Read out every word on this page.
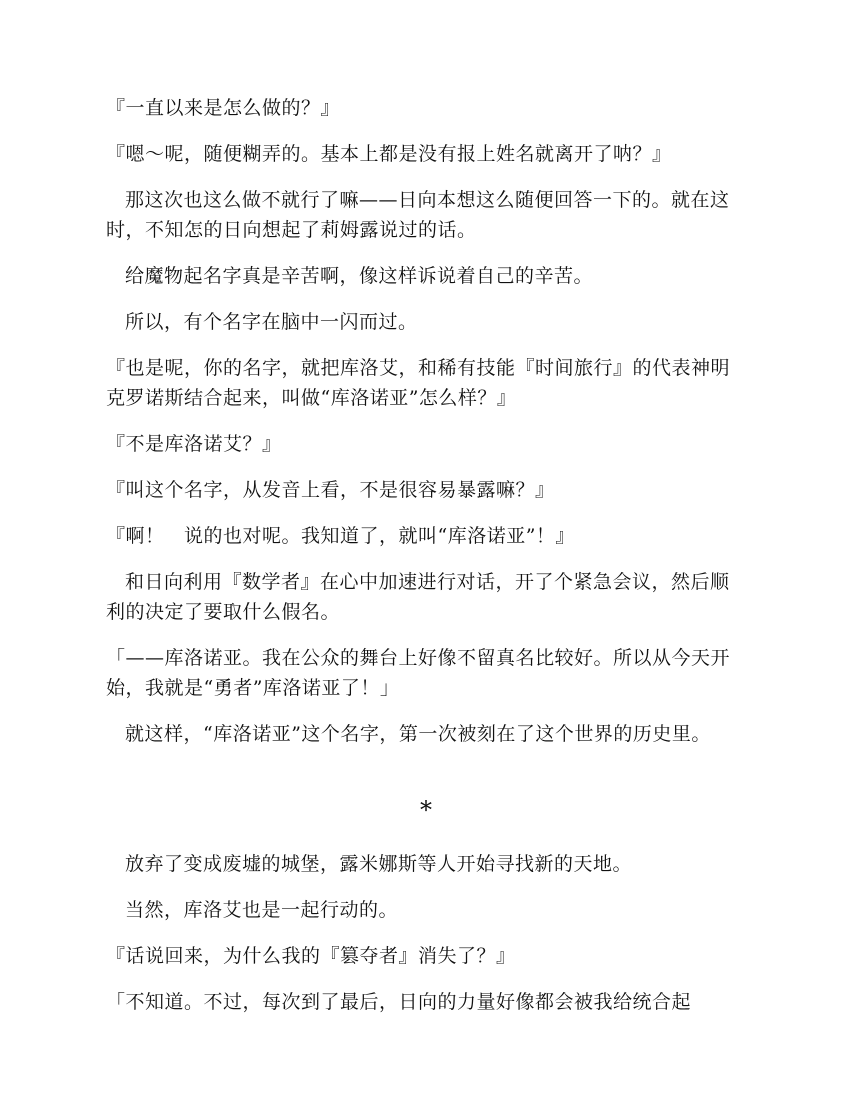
『一直以来是怎么做的？』

『嗯～呢，随便糊弄的。基本上都是没有报上姓名就离开了呐？』

那这次也这么做不就行了嘛——日向本想这么随便回答一下的。就在这时，不知怎的日向想起了莉姆露说过的话。

给魔物起名字真是辛苦啊，像这样诉说着自己的辛苦。

所以，有个名字在脑中一闪而过。

『也是呢，你的名字，就把库洛艾，和稀有技能『时间旅行』的代表神明克罗诺斯结合起来，叫做“库洛诺亚”怎么样？』

『不是库洛诺艾？』

『叫这个名字，从发音上看，不是很容易暴露嘛？』

『啊！　说的也对呢。我知道了，就叫“库洛诺亚”！』

和日向利用『数学者』在心中加速进行对话，开了个紧急会议，然后顺利的决定了要取什么假名。

「——库洛诺亚。我在公众的舞台上好像不留真名比较好。所以从今天开始，我就是“勇者”库洛诺亚了！」

就这样，“库洛诺亚”这个名字，第一次被刻在了这个世界的历史里。

*

放弃了变成废墟的城堡，露米娜斯等人开始寻找新的天地。

当然，库洛艾也是一起行动的。

『话说回来，为什么我的『篡夺者』消失了？』

「不知道。不过，每次到了最后，日向的力量好像都会被我给统合起
